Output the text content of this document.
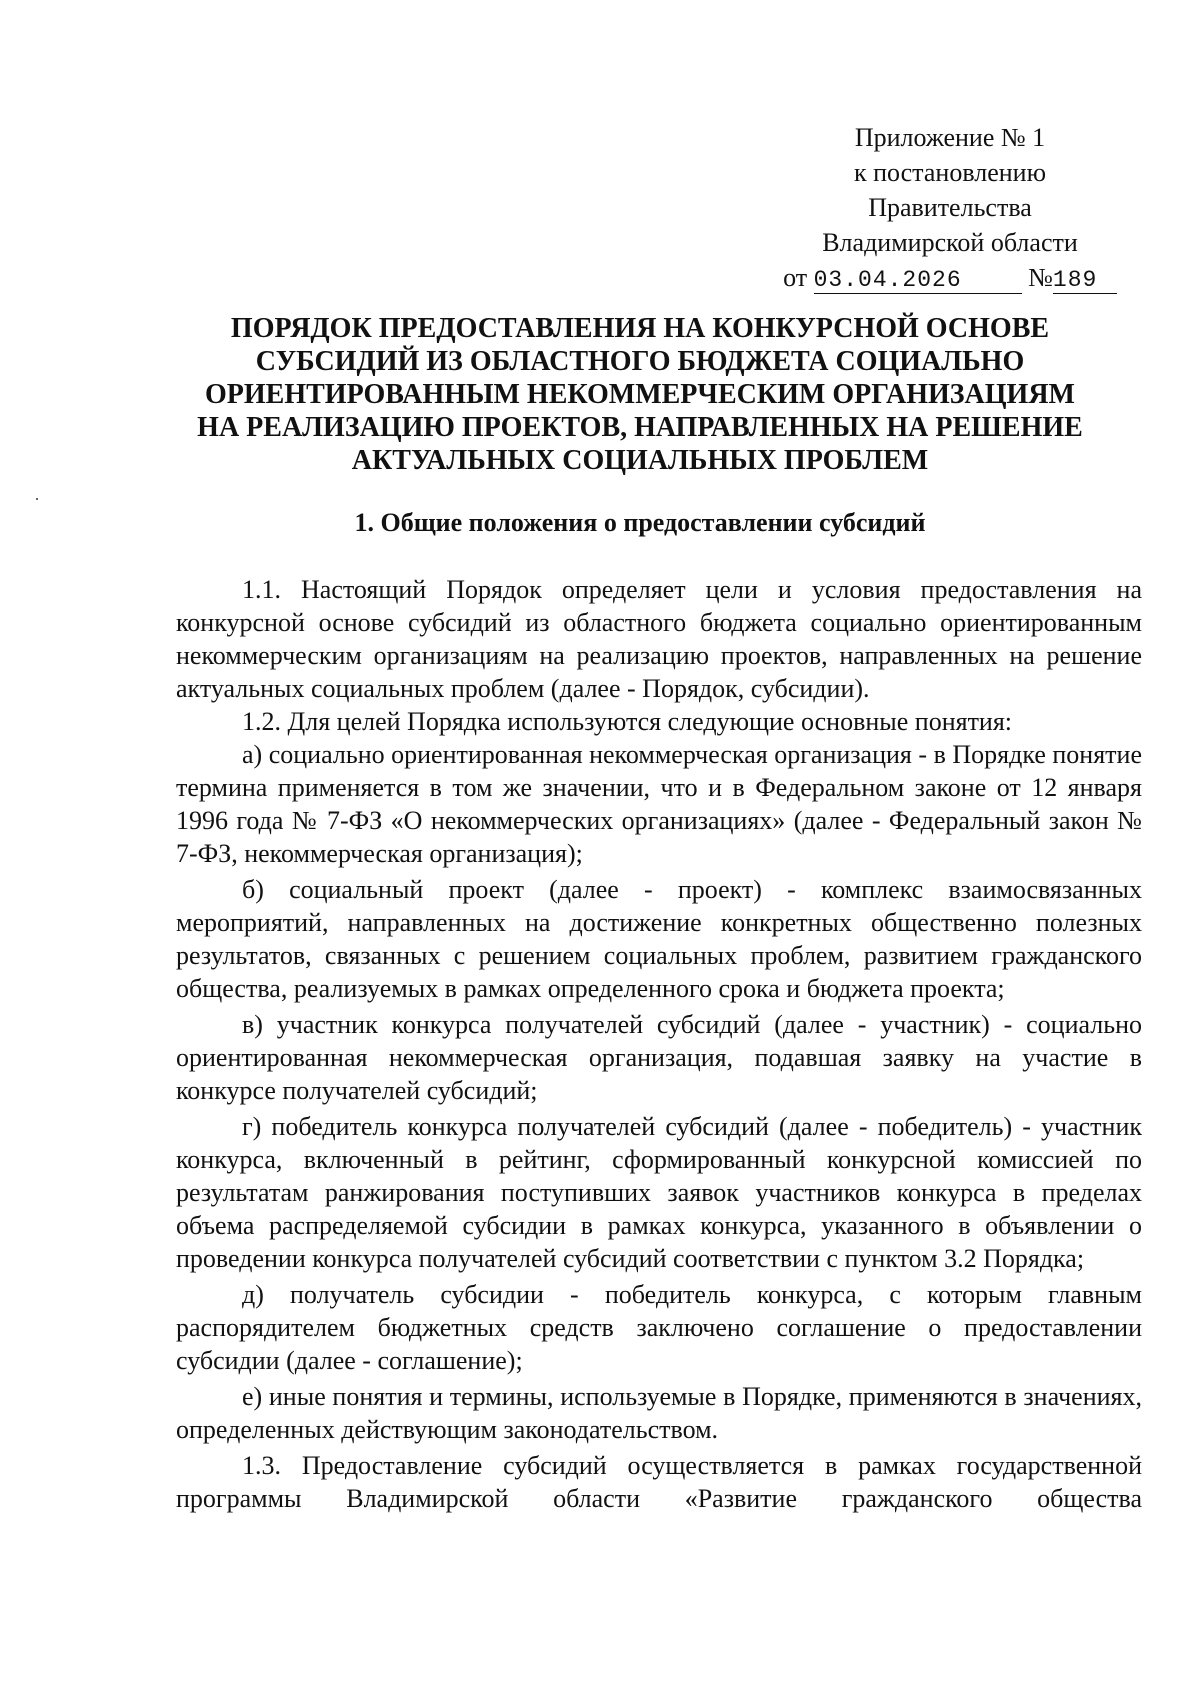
Приложение № 1
к постановлению
Правительства
Владимирской области
от 03.04.2026	№189
ПОРЯДОК ПРЕДОСТАВЛЕНИЯ НА КОНКУРСНОЙ ОСНОВЕ
СУБСИДИЙ ИЗ ОБЛАСТНОГО БЮДЖЕТА СОЦИАЛЬНО
ОРИЕНТИРОВАННЫМ НЕКОММЕРЧЕСКИМ ОРГАНИЗАЦИЯМ
НА РЕАЛИЗАЦИЮ ПРОЕКТОВ, НАПРАВЛЕННЫХ НА РЕШЕНИЕ
АКТУАЛЬНЫХ СОЦИАЛЬНЫХ ПРОБЛЕМ
1. Общие положения о предоставлении субсидий

1.1. Настоящий Порядок определяет цели и условия предоставления на конкурсной основе субсидий из областного бюджета социально ориентированным некоммерческим организациям на реализацию проектов, направленных на решение актуальных социальных проблем (далее - Порядок, субсидии).

1.2. Для целей Порядка используются следующие основные понятия:

а) социально ориентированная некоммерческая организация - в Порядке понятие термина применяется в том же значении, что и в Федеральном законе от 12 января 1996 года № 7-ФЗ «О некоммерческих организациях» (далее - Федеральный закон № 7-ФЗ, некоммерческая организация);

б) социальный проект (далее - проект) - комплекс взаимосвязанных мероприятий, направленных на достижение конкретных общественно полезных результатов, связанных с решением социальных проблем, развитием гражданского общества, реализуемых в рамках определенного срока и бюджета проекта;

в) участник конкурса получателей субсидий (далее - участник) - социально ориентированная некоммерческая организация, подавшая заявку на участие в конкурсе получателей субсидий;

г) победитель конкурса получателей субсидий (далее - победитель) - участник конкурса, включенный в рейтинг, сформированный конкурсной комиссией по результатам ранжирования поступивших заявок участников конкурса в пределах объема распределяемой субсидии в рамках конкурса, указанного в объявлении о проведении конкурса получателей субсидий соответствии с пунктом 3.2 Порядка;

д) получатель субсидии - победитель конкурса, с которым главным распорядителем бюджетных средств заключено соглашение о предоставлении субсидии (далее - соглашение);

е) иные понятия и термины, используемые в Порядке, применяются в значениях, определенных действующим законодательством.

1.3. Предоставление субсидий осуществляется в рамках государственной программы Владимирской области «Развитие гражданского общества
